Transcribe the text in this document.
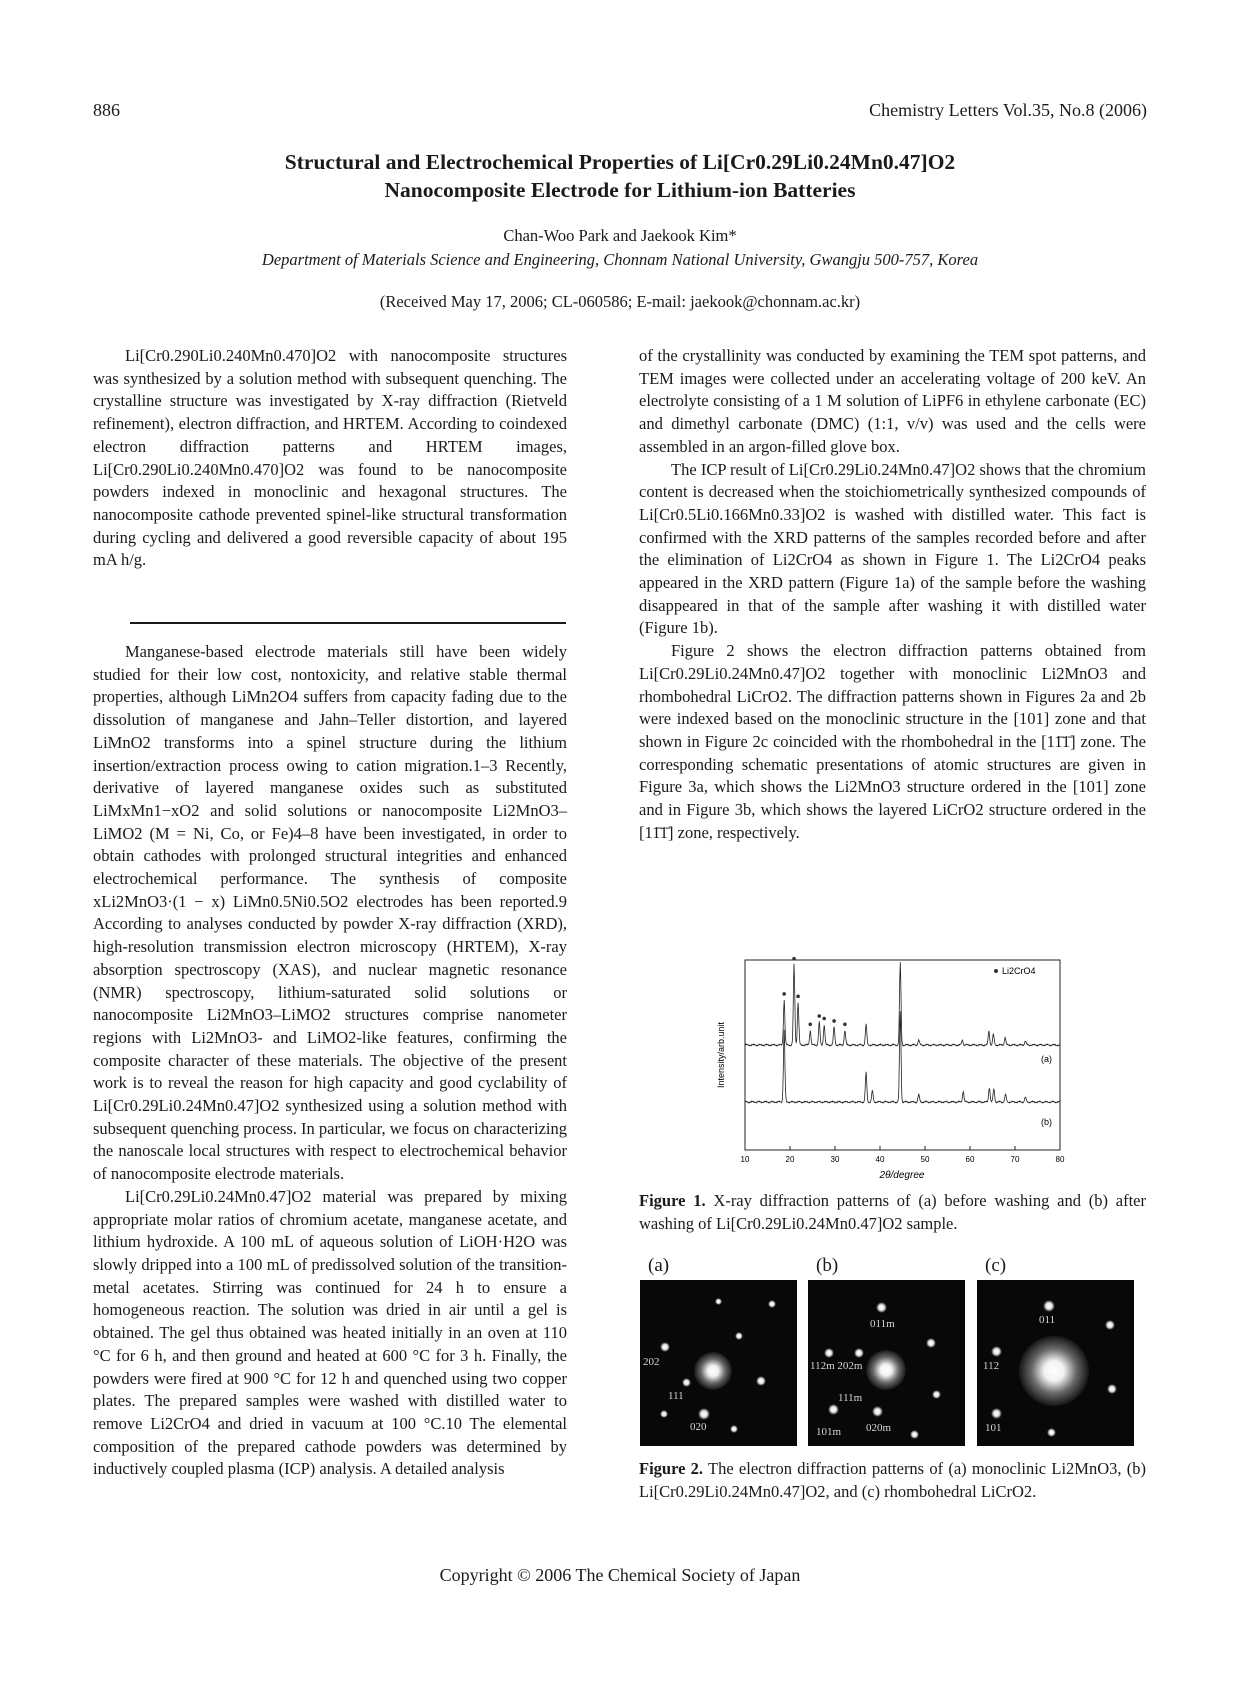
886	Chemistry Letters Vol.35, No.8 (2006)
Structural and Electrochemical Properties of Li[Cr0.29Li0.24Mn0.47]O2
Nanocomposite Electrode for Lithium-ion Batteries
Chan-Woo Park and Jaekook Kim*
Department of Materials Science and Engineering, Chonnam National University, Gwangju 500-757, Korea
(Received May 17, 2006; CL-060586; E-mail: jaekook@chonnam.ac.kr)

Li[Cr0.290Li0.240Mn0.470]O2 with nanocomposite structures was synthesized by a solution method with subsequent quenching. The crystalline structure was investigated by X-ray diffraction (Rietveld refinement), electron diffraction, and HRTEM. According to coindexed electron diffraction patterns and HRTEM images, Li[Cr0.290Li0.240Mn0.470]O2 was found to be nanocomposite powders indexed in monoclinic and hexagonal structures. The nanocomposite cathode prevented spinel-like structural transformation during cycling and delivered a good reversible capacity of about 195 mA h/g.

Manganese-based electrode materials still have been widely studied for their low cost, nontoxicity, and relative stable thermal properties, although LiMn2O4 suffers from capacity fading due to the dissolution of manganese and Jahn–Teller distortion, and layered LiMnO2 transforms into a spinel structure during the lithium insertion/extraction process owing to cation migration.1–3 Recently, derivative of layered manganese oxides such as substituted LiMxMn1−xO2 and solid solutions or nanocomposite Li2MnO3–LiMO2 (M = Ni, Co, or Fe)4–8 have been investigated, in order to obtain cathodes with prolonged structural integrities and enhanced electrochemical performance. The synthesis of composite xLi2MnO3·(1 − x) LiMn0.5Ni0.5O2 electrodes has been reported.9 According to analyses conducted by powder X-ray diffraction (XRD), high-resolution transmission electron microscopy (HRTEM), X-ray absorption spectroscopy (XAS), and nuclear magnetic resonance (NMR) spectroscopy, lithium-saturated solid solutions or nanocomposite Li2MnO3–LiMO2 structures comprise nanometer regions with Li2MnO3- and LiMO2-like features, confirming the composite character of these materials. The objective of the present work is to reveal the reason for high capacity and good cyclability of Li[Cr0.29Li0.24Mn0.47]O2 synthesized using a solution method with subsequent quenching process. In particular, we focus on characterizing the nanoscale local structures with respect to electrochemical behavior of nanocomposite electrode materials.

Li[Cr0.29Li0.24Mn0.47]O2 material was prepared by mixing appropriate molar ratios of chromium acetate, manganese acetate, and lithium hydroxide. A 100 mL of aqueous solution of LiOH·H2O was slowly dripped into a 100 mL of predissolved solution of the transition-metal acetates. Stirring was continued for 24 h to ensure a homogeneous reaction. The solution was dried in air until a gel is obtained. The gel thus obtained was heated initially in an oven at 110 °C for 6 h, and then ground and heated at 600 °C for 3 h. Finally, the powders were fired at 900 °C for 12 h and quenched using two copper plates. The prepared samples were washed with distilled water to remove Li2CrO4 and dried in vacuum at 100 °C.10 The elemental composition of the prepared cathode powders was determined by inductively coupled plasma (ICP) analysis. A detailed analysis

of the crystallinity was conducted by examining the TEM spot patterns, and TEM images were collected under an accelerating voltage of 200 keV. An electrolyte consisting of a 1 M solution of LiPF6 in ethylene carbonate (EC) and dimethyl carbonate (DMC) (1:1, v/v) was used and the cells were assembled in an argon-filled glove box.

The ICP result of Li[Cr0.29Li0.24Mn0.47]O2 shows that the chromium content is decreased when the stoichiometrically synthesized compounds of Li[Cr0.5Li0.166Mn0.33]O2 is washed with distilled water. This fact is confirmed with the XRD patterns of the samples recorded before and after the elimination of Li2CrO4 as shown in Figure 1. The Li2CrO4 peaks appeared in the XRD pattern (Figure 1a) of the sample before the washing disappeared in that of the sample after washing it with distilled water (Figure 1b).

Figure 2 shows the electron diffraction patterns obtained from Li[Cr0.29Li0.24Mn0.47]O2 together with monoclinic Li2MnO3 and rhombohedral LiCrO2. The diffraction patterns shown in Figures 2a and 2b were indexed based on the monoclinic structure in the [101] zone and that shown in Figure 2c coincided with the rhombohedral in the [11̄1̄] zone. The corresponding schematic presentations of atomic structures are given in Figure 3a, which shows the Li2MnO3 structure ordered in the [101] zone and in Figure 3b, which shows the layered LiCrO2 structure ordered in the [11̄1̄] zone, respectively.

10	20	30	40	50	60	70	80
2θ/degree
Intensity/arb.unit
Li2CrO4
(a)
(b)
Figure 1. X-ray diffraction patterns of (a) before washing and (b) after washing of Li[Cr0.29Li0.24Mn0.47]O2 sample.
(a)	(b)	(c)
202
111
020
011m
112m 202m
111m
101m 020m
011
112
101
Figure 2. The electron diffraction patterns of (a) monoclinic Li2MnO3, (b) Li[Cr0.29Li0.24Mn0.47]O2, and (c) rhombohedral LiCrO2.
Copyright © 2006 The Chemical Society of Japan
